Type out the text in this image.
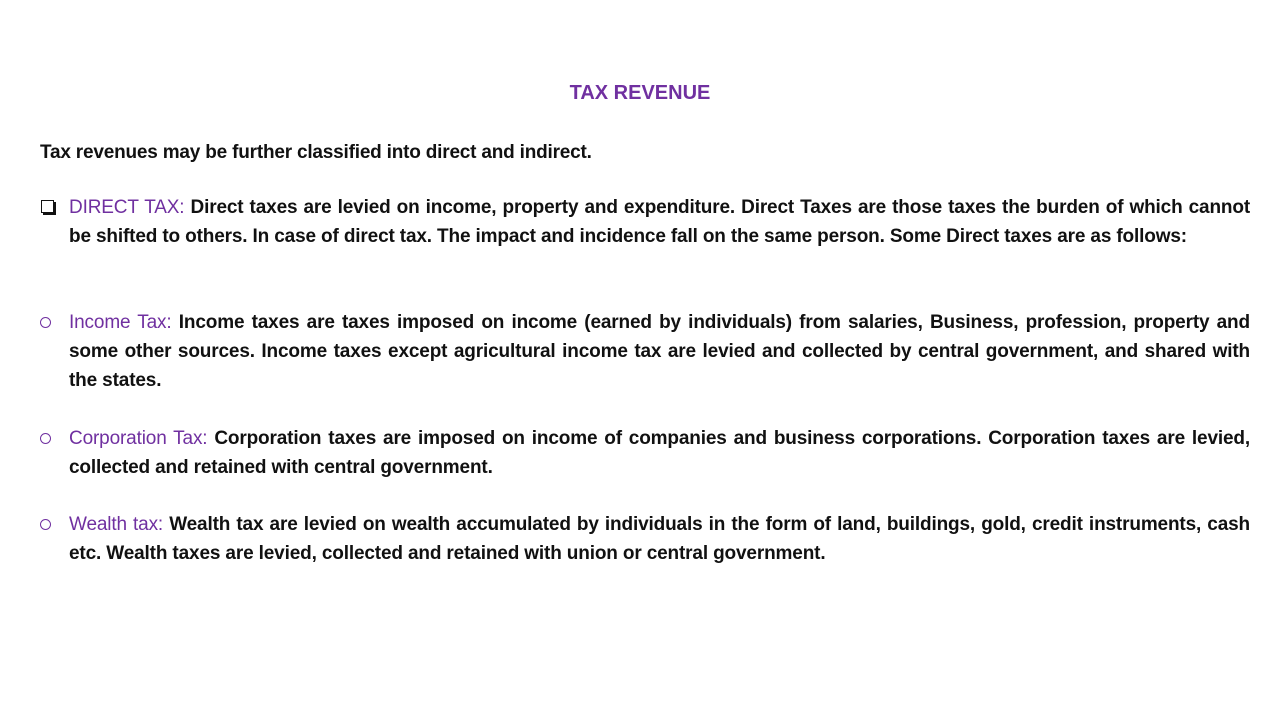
TAX REVENUE
Tax revenues may be further classified into direct and indirect.
DIRECT TAX: Direct taxes are levied on income, property and expenditure. Direct Taxes are those taxes the burden of which cannot be shifted to others. In case of direct tax. The impact and incidence fall on the same person. Some Direct taxes are as follows:
Income Tax: Income taxes are taxes imposed on income (earned by individuals) from salaries, Business, profession, property and some other sources. Income taxes except agricultural income tax are levied and collected by central government, and shared with the states.
Corporation Tax: Corporation taxes are imposed on income of companies and business corporations. Corporation taxes are levied, collected and retained with central government.
Wealth tax: Wealth tax are levied on wealth accumulated by individuals in the form of land, buildings, gold, credit instruments, cash etc. Wealth taxes are levied, collected and retained with union or central government.
